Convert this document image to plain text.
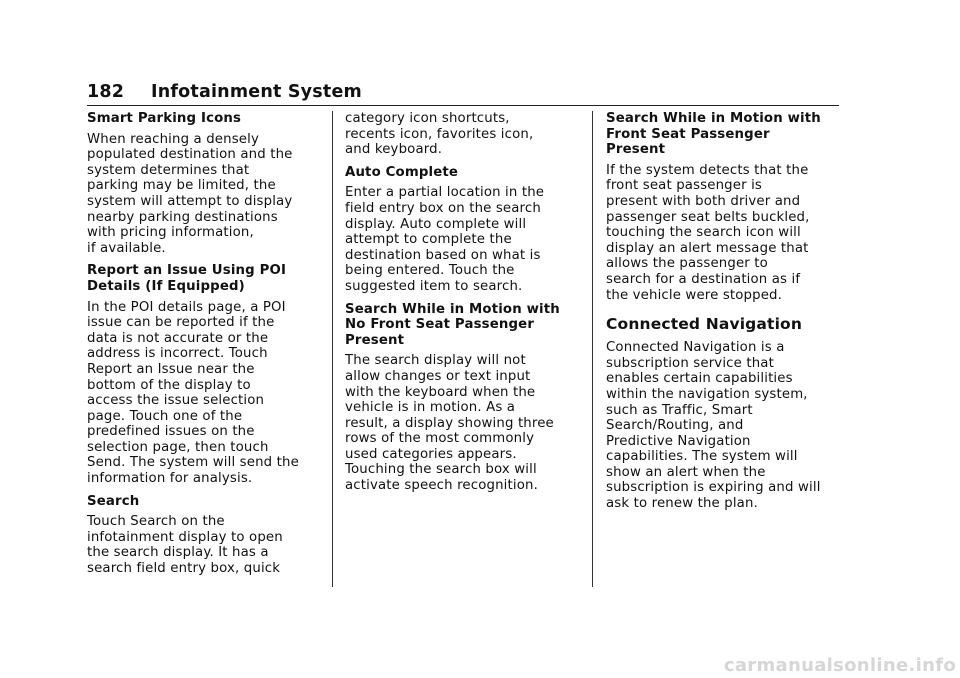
182 Infotainment System
Smart Parking Icons
When reaching a densely
populated destination and the
system determines that
parking may be limited, the
system will attempt to display
nearby parking destinations
with pricing information,
if available.
Report an Issue Using POI
Details (If Equipped)
In the POI details page, a POI
issue can be reported if the
data is not accurate or the
address is incorrect. Touch
Report an Issue near the
bottom of the display to
access the issue selection
page. Touch one of the
predefined issues on the
selection page, then touch
Send. The system will send the
information for analysis.
Search
Touch Search on the
infotainment display to open
the search display. It has a
search field entry box, quick
category icon shortcuts,
recents icon, favorites icon,
and keyboard.
Auto Complete
Enter a partial location in the
field entry box on the search
display. Auto complete will
attempt to complete the
destination based on what is
being entered. Touch the
suggested item to search.
Search While in Motion with
No Front Seat Passenger
Present
The search display will not
allow changes or text input
with the keyboard when the
vehicle is in motion. As a
result, a display showing three
rows of the most commonly
used categories appears.
Touching the search box will
activate speech recognition.
Search While in Motion with
Front Seat Passenger
Present
If the system detects that the
front seat passenger is
present with both driver and
passenger seat belts buckled,
touching the search icon will
display an alert message that
allows the passenger to
search for a destination as if
the vehicle were stopped.
Connected Navigation
Connected Navigation is a
subscription service that
enables certain capabilities
within the navigation system,
such as Traffic, Smart
Search/Routing, and
Predictive Navigation
capabilities. The system will
show an alert when the
subscription is expiring and will
ask to renew the plan.
carmanualsonline.info
